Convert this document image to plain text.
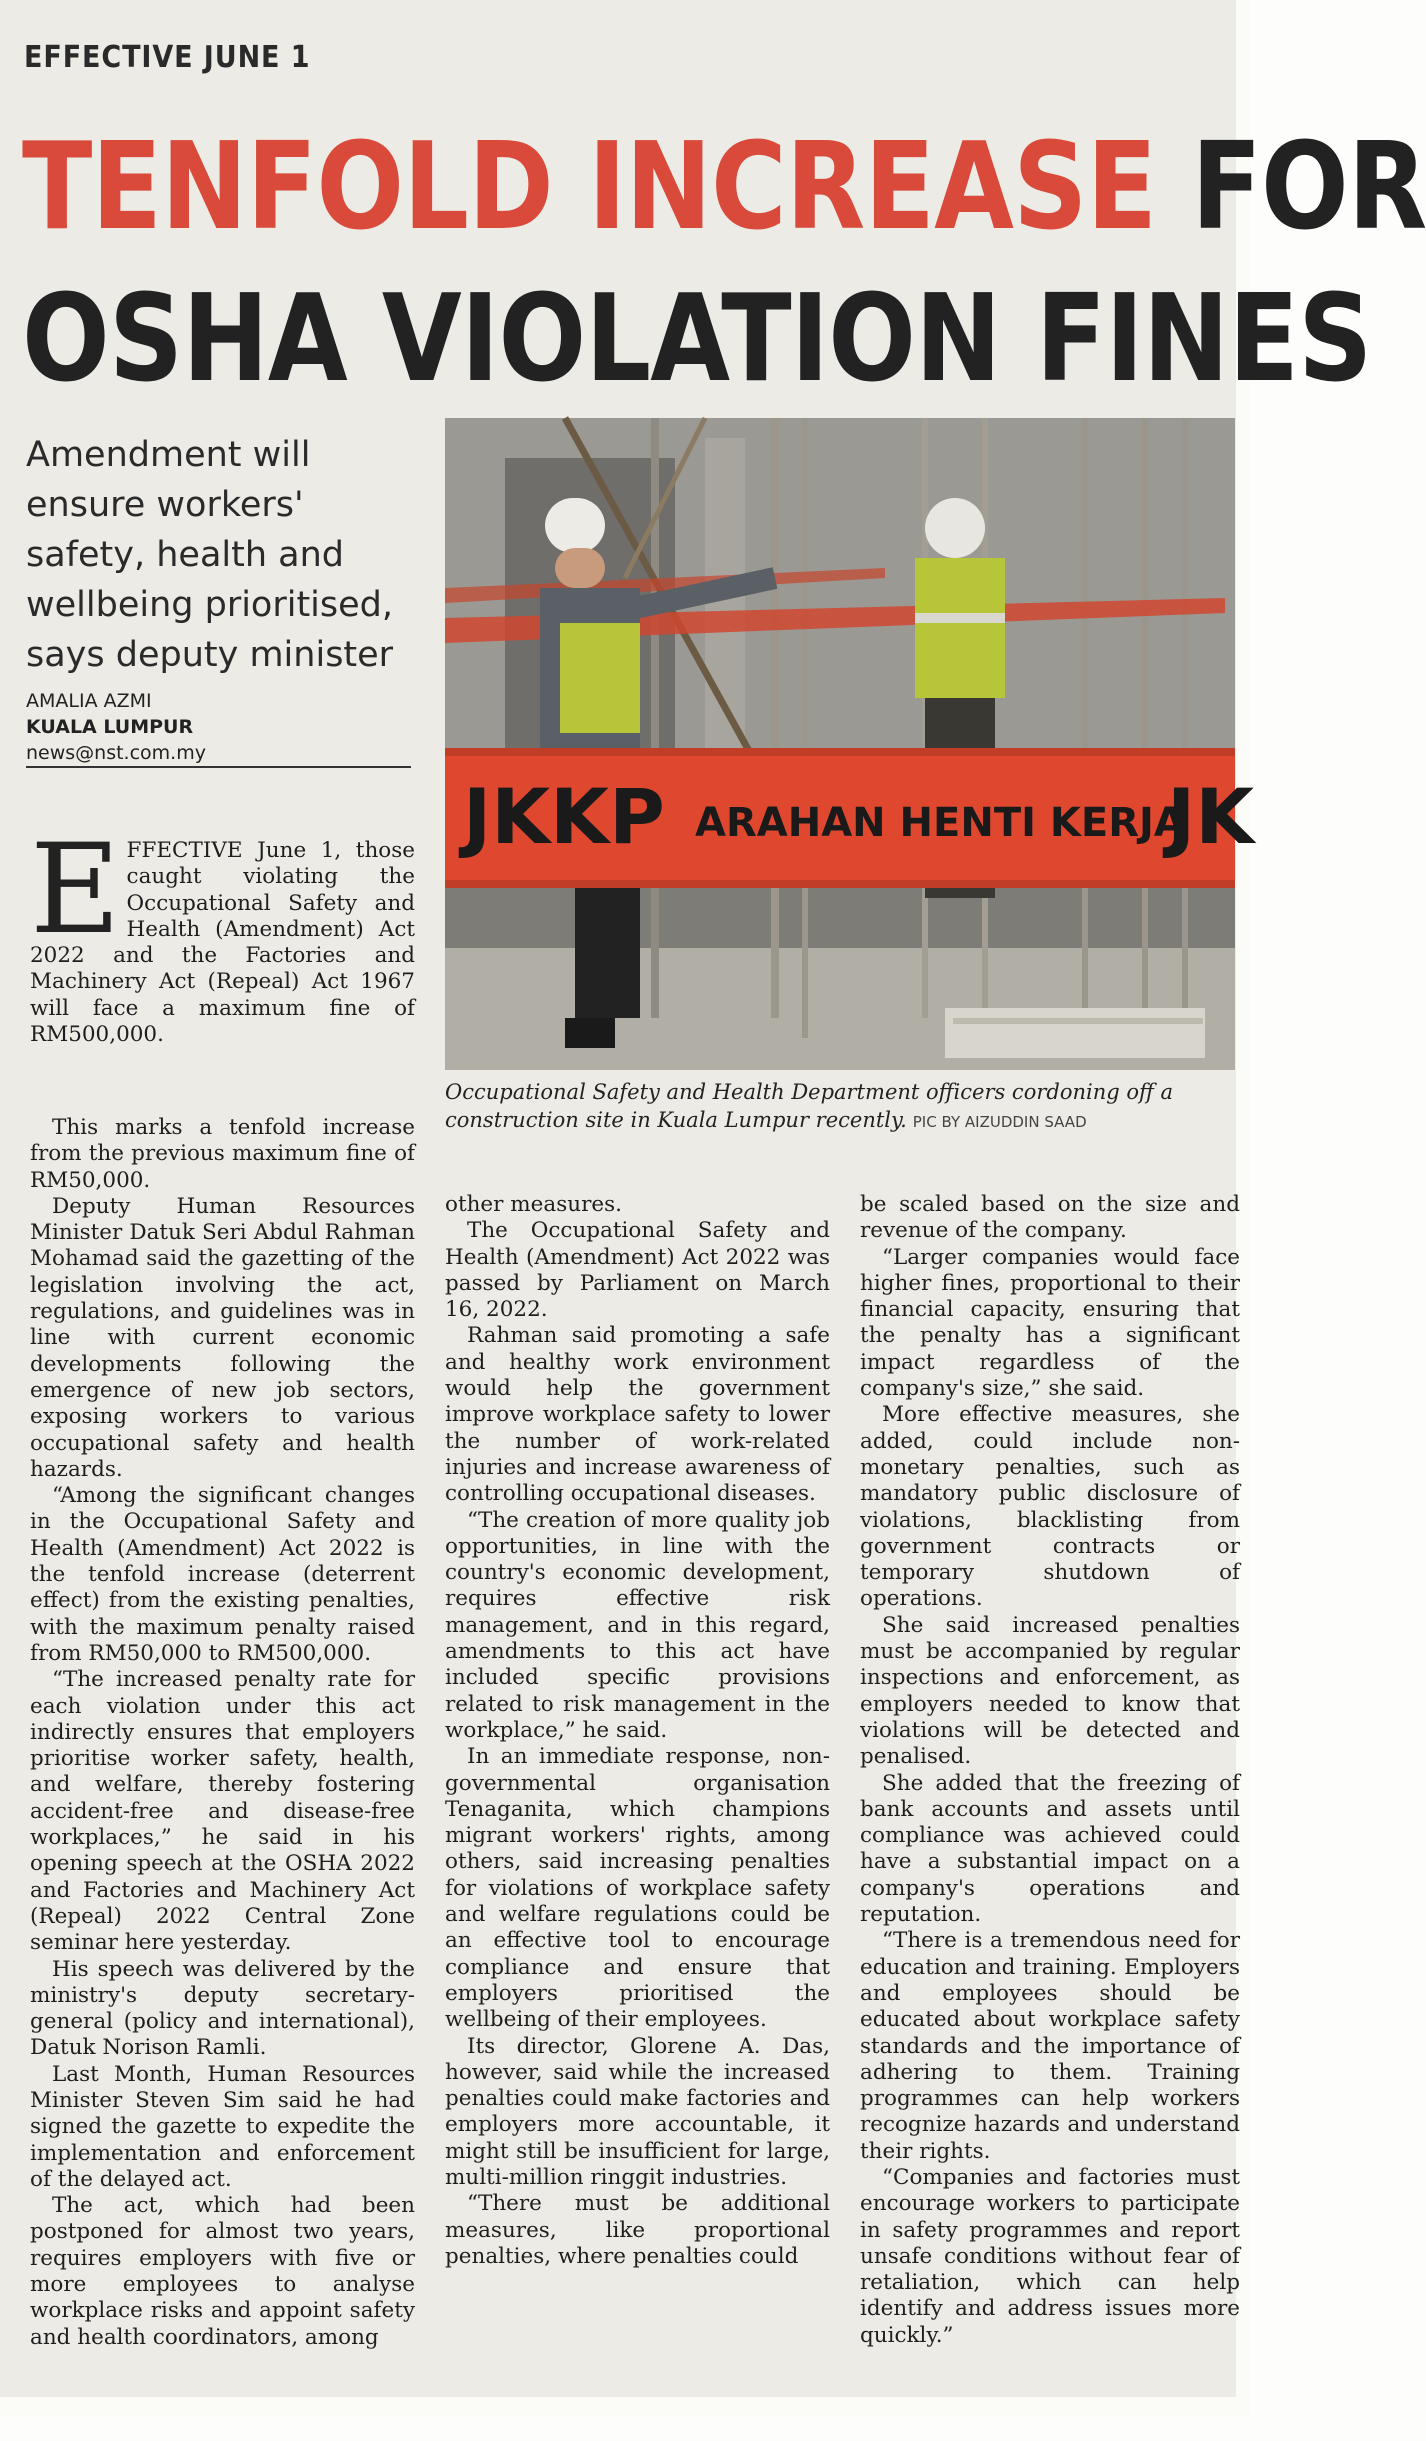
EFFECTIVE JUNE 1
TENFOLD INCREASE FOR
OSHA VIOLATION FINES
Amendment will
ensure workers'
safety, health and
wellbeing prioritised,
says deputy minister
AMALIA AZMI
KUALA LUMPUR
news@nst.com.my
JKKP ARAHAN HENTI KERJA
JK
Occupational Safety and Health Department officers cordoning off a construction site in Kuala Lumpur recently. PIC BY AIZUDDIN SAAD

EFFECTIVE June 1, those caught violating the Occupational Safety and Health (Amendment) Act 2022 and the Factories and Machinery Act (Repeal) Act 1967 will face a maximum fine of RM500,000.

This marks a tenfold increase from the previous maximum fine of RM50,000.

Deputy Human Resources Minister Datuk Seri Abdul Rahman Mohamad said the gazetting of the legislation involving the act, regulations, and guidelines was in line with current economic developments following the emergence of new job sectors, exposing workers to various occupational safety and health hazards.

“Among the significant changes in the Occupational Safety and Health (Amendment) Act 2022 is the tenfold increase (deterrent effect) from the existing penalties, with the maximum penalty raised from RM50,000 to RM500,000.

“The increased penalty rate for each violation under this act indirectly ensures that employers prioritise worker safety, health, and welfare, thereby fostering accident-free and disease-free workplaces,” he said in his opening speech at the OSHA 2022 and Factories and Machinery Act (Repeal) 2022 Central Zone seminar here yesterday.

His speech was delivered by the ministry's deputy secretary-general (policy and international), Datuk Norison Ramli.

Last Month, Human Resources Minister Steven Sim said he had signed the gazette to expedite the implementation and enforcement of the delayed act.

The act, which had been postponed for almost two years, requires employers with five or more employees to analyse workplace risks and appoint safety and health coordinators, among

other measures.

The Occupational Safety and Health (Amendment) Act 2022 was passed by Parliament on March 16, 2022.

Rahman said promoting a safe and healthy work environment would help the government improve workplace safety to lower the number of work-related injuries and increase awareness of controlling occupational diseases.

“The creation of more quality job opportunities, in line with the country's economic development, requires effective risk management, and in this regard, amendments to this act have included specific provisions related to risk management in the workplace,” he said.

In an immediate response, non-governmental organisation Tenaganita, which champions migrant workers' rights, among others, said increasing penalties for violations of workplace safety and welfare regulations could be an effective tool to encourage compliance and ensure that employers prioritised the wellbeing of their employees.

Its director, Glorene A. Das, however, said while the increased penalties could make factories and employers more accountable, it might still be insufficient for large, multi-million ringgit industries.

“There must be additional measures, like proportional penalties, where penalties could

be scaled based on the size and revenue of the company.

“Larger companies would face higher fines, proportional to their financial capacity, ensuring that the penalty has a significant impact regardless of the company's size,” she said.

More effective measures, she added, could include non-monetary penalties, such as mandatory public disclosure of violations, blacklisting from government contracts or temporary shutdown of operations.

She said increased penalties must be accompanied by regular inspections and enforcement, as employers needed to know that violations will be detected and penalised.

She added that the freezing of bank accounts and assets until compliance was achieved could have a substantial impact on a company's operations and reputation.

“There is a tremendous need for education and training. Employers and employees should be educated about workplace safety standards and the importance of adhering to them. Training programmes can help workers recognize hazards and understand their rights.

“Companies and factories must encourage workers to participate in safety programmes and report unsafe conditions without fear of retaliation, which can help identify and address issues more quickly.”
